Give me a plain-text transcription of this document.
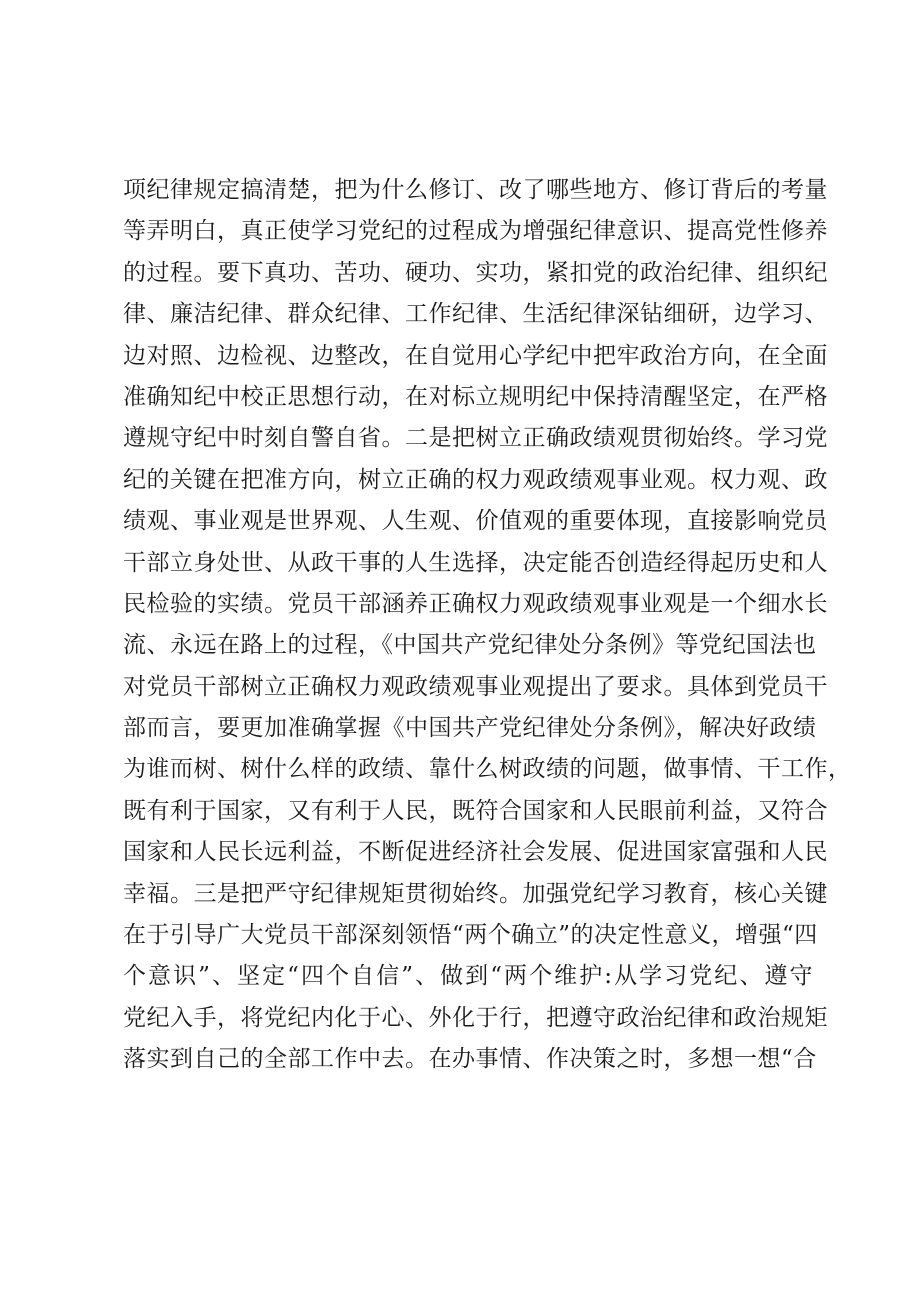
项纪律规定搞清楚，把为什么修订、改了哪些地方、修订背后的考量
等弄明白，真正使学习党纪的过程成为增强纪律意识、提高党性修养
的过程。要下真功、苦功、硬功、实功，紧扣党的政治纪律、组织纪
律、廉洁纪律、群众纪律、工作纪律、生活纪律深钻细研，边学习、
边对照、边检视、边整改，在自觉用心学纪中把牢政治方向，在全面
准确知纪中校正思想行动，在对标立规明纪中保持清醒坚定，在严格
遵规守纪中时刻自警自省。二是把树立正确政绩观贯彻始终。学习党
纪的关键在把准方向，树立正确的权力观政绩观事业观。权力观、政
绩观、事业观是世界观、人生观、价值观的重要体现，直接影响党员
干部立身处世、从政干事的人生选择，决定能否创造经得起历史和人
民检验的实绩。党员干部涵养正确权力观政绩观事业观是一个细水长
流、永远在路上的过程，《中国共产党纪律处分条例》等党纪国法也
对党员干部树立正确权力观政绩观事业观提出了要求。具体到党员干
部而言，要更加准确掌握《中国共产党纪律处分条例》，解决好政绩
为谁而树、树什么样的政绩、靠什么树政绩的问题，做事情、干工作，
既有利于国家，又有利于人民，既符合国家和人民眼前利益，又符合
国家和人民长远利益，不断促进经济社会发展、促进国家富强和人民
幸福。三是把严守纪律规矩贯彻始终。加强党纪学习教育，核心关键
在于引导广大党员干部深刻领悟“两个确立”的决定性意义，增强“四
个意识”、坚定“四个自信”、做到“两个维护:从学习党纪、遵守
党纪入手，将党纪内化于心、外化于行，把遵守政治纪律和政治规矩
落实到自己的全部工作中去。在办事情、作决策之时，多想一想“合
